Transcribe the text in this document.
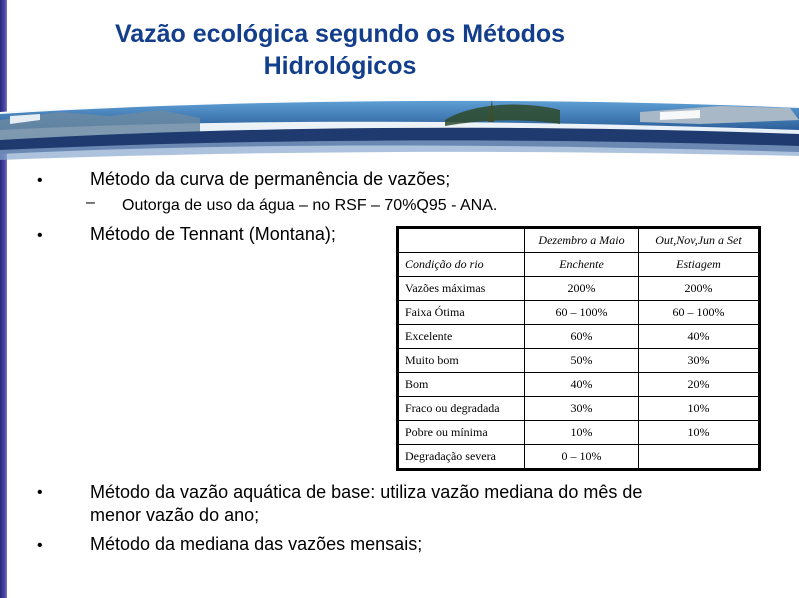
Vazão ecológica segundo os Métodos
Hidrológicos
•	Método da curva de permanência de vazões;
– Outorga de uso da água – no RSF – 70%Q95 - ANA.
•	Método de Tennant (Montana);
		Dezembro a Maio	Out,Nov,Jun a Set
Condição do rio	Enchente	Estiagem
Vazões máximas	200%	200%
Faixa Ótima	60 – 100%	60 – 100%
Excelente	60%	40%
Muito bom	50%	30%
Bom	40%	20%
Fraco ou degradada	30%	10%
Pobre ou mínima	10%	10%
Degradação severa	0 – 10%	
•	Método da vazão aquática de base: utiliza vazão mediana do mês de
menor vazão do ano;
•	Método da mediana das vazões mensais;
